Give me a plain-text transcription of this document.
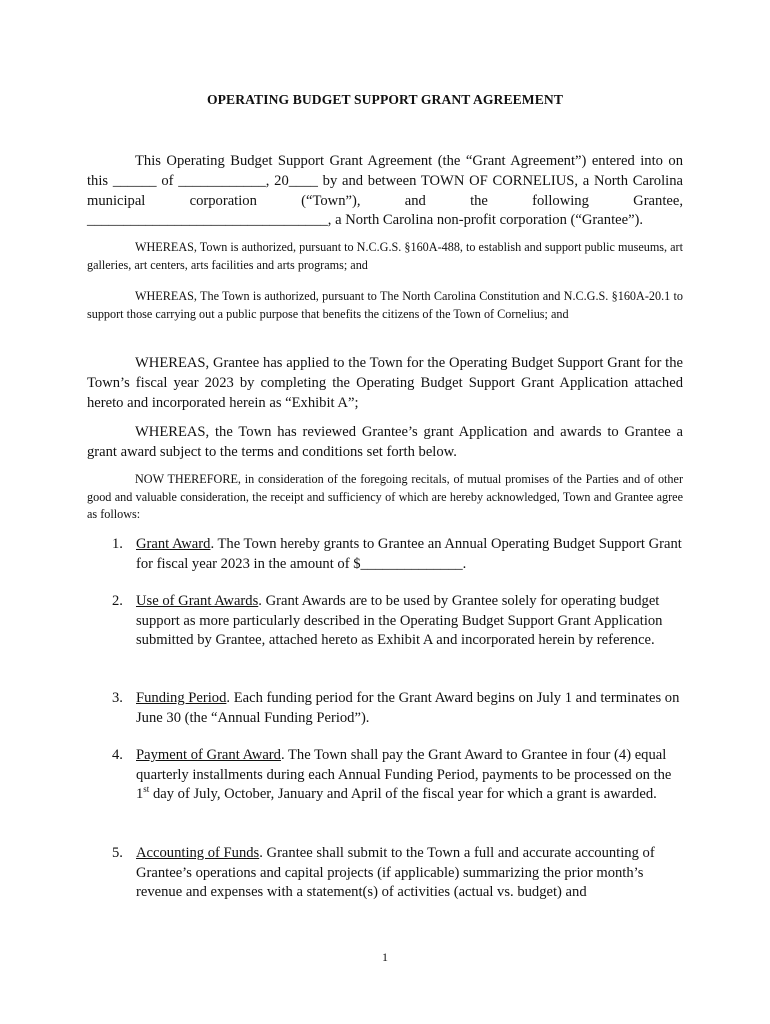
OPERATING BUDGET SUPPORT GRANT AGREEMENT
This Operating Budget Support Grant Agreement (the “Grant Agreement”) entered into on this ______ of ____________, 20____ by and between TOWN OF CORNELIUS, a North Carolina municipal corporation (“Town”), and the following Grantee, _________________________________, a North Carolina non-profit corporation (“Grantee”).
WHEREAS, Town is authorized, pursuant to N.C.G.S. §160A-488, to establish and support public museums, art galleries, art centers, arts facilities and arts programs; and
WHEREAS, The Town is authorized, pursuant to The North Carolina Constitution and N.C.G.S. §160A-20.1 to support those carrying out a public purpose that benefits the citizens of the Town of Cornelius; and
WHEREAS, Grantee has applied to the Town for the Operating Budget Support Grant for the Town’s fiscal year 2023 by completing the Operating Budget Support Grant Application attached hereto and incorporated herein as “Exhibit A”;
WHEREAS, the Town has reviewed Grantee’s grant Application and awards to Grantee a grant award subject to the terms and conditions set forth below.
NOW THEREFORE, in consideration of the foregoing recitals, of mutual promises of the Parties and of other good and valuable consideration, the receipt and sufficiency of which are hereby acknowledged, Town and Grantee agree as follows:
1. Grant Award. The Town hereby grants to Grantee an Annual Operating Budget Support Grant for fiscal year 2023 in the amount of $______________.
2. Use of Grant Awards. Grant Awards are to be used by Grantee solely for operating budget support as more particularly described in the Operating Budget Support Grant Application submitted by Grantee, attached hereto as Exhibit A and incorporated herein by reference.
3. Funding Period. Each funding period for the Grant Award begins on July 1 and terminates on June 30 (the “Annual Funding Period”).
4. Payment of Grant Award. The Town shall pay the Grant Award to Grantee in four (4) equal quarterly installments during each Annual Funding Period, payments to be processed on the 1st day of July, October, January and April of the fiscal year for which a grant is awarded.
5. Accounting of Funds. Grantee shall submit to the Town a full and accurate accounting of Grantee’s operations and capital projects (if applicable) summarizing the prior month’s revenue and expenses with a statement(s) of activities (actual vs. budget) and
1
